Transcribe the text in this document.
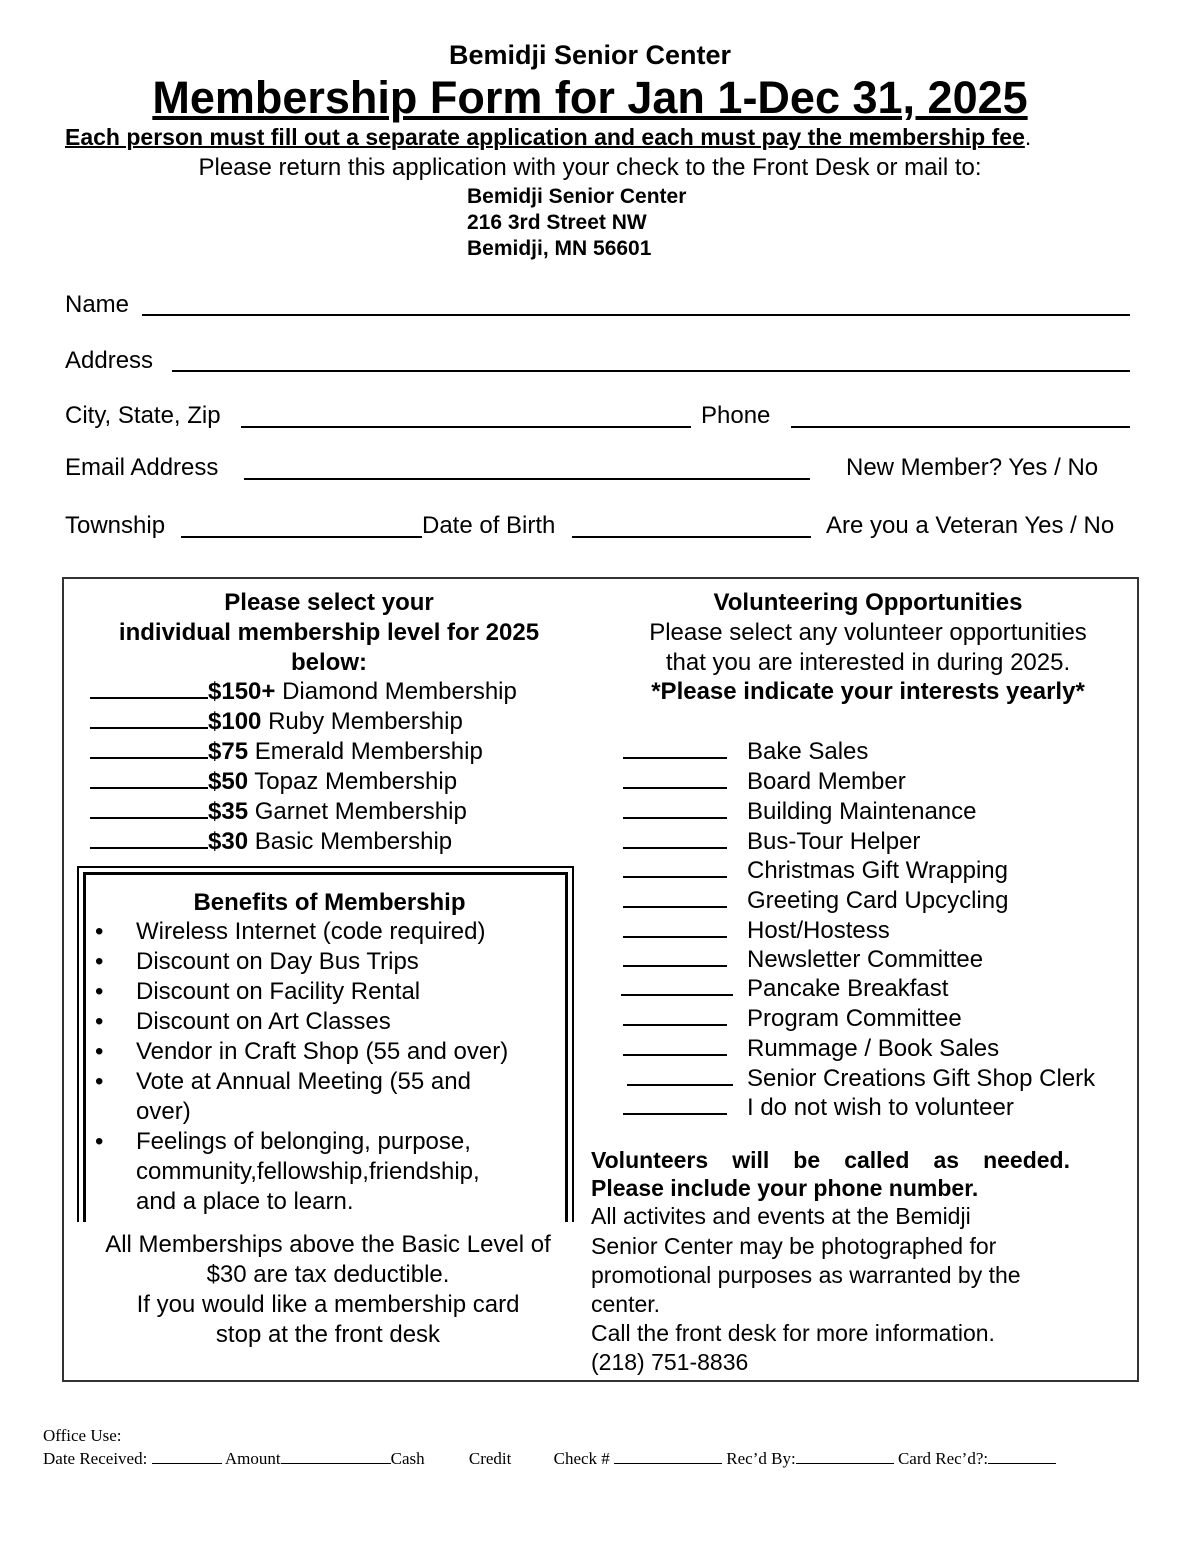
Bemidji Senior Center
Membership Form for Jan 1-Dec 31, 2025
Each person must fill out a separate application and each must pay the membership fee.
Please return this application with your check to the Front Desk or mail to:
Bemidji Senior Center
216 3rd Street NW
Bemidji, MN 56601
Name
Address
City, State, Zip	Phone
Email Address	New Member? Yes / No
Township	Date of Birth	Are you a Veteran Yes / No
Please select your
individual membership level for 2025
below:
$150+ Diamond Membership
$100 Ruby Membership
$75 Emerald Membership
$50 Topaz Membership
$35 Garnet Membership
$30 Basic Membership
Benefits of Membership
• Wireless Internet (code required)
• Discount on Day Bus Trips
• Discount on Facility Rental
• Discount on Art Classes
• Vendor in Craft Shop (55 and over)
• Vote at Annual Meeting (55 and
over)
• Feelings of belonging, purpose,
community,fellowship,friendship,
and a place to learn.
All Memberships above the Basic Level of
$30 are tax deductible.
If you would like a membership card
stop at the front desk
Volunteering Opportunities
Please select any volunteer opportunities
that you are interested in during 2025.
*Please indicate your interests yearly*
Bake Sales
Board Member
Building Maintenance
Bus-Tour Helper
Christmas Gift Wrapping
Greeting Card Upcycling
Host/Hostess
Newsletter Committee
Pancake Breakfast
Program Committee
Rummage / Book Sales
Senior Creations Gift Shop Clerk
I do not wish to volunteer
Volunteers will be called as needed.
Please include your phone number.
All activites and events at the Bemidji
Senior Center may be photographed for
promotional purposes as warranted by the
center.
Call the front desk for more information.
(218) 751-8836
Office Use:
Date Received:	Amount	Cash	Credit Check #	Rec’d By:	Card Rec’d?:
